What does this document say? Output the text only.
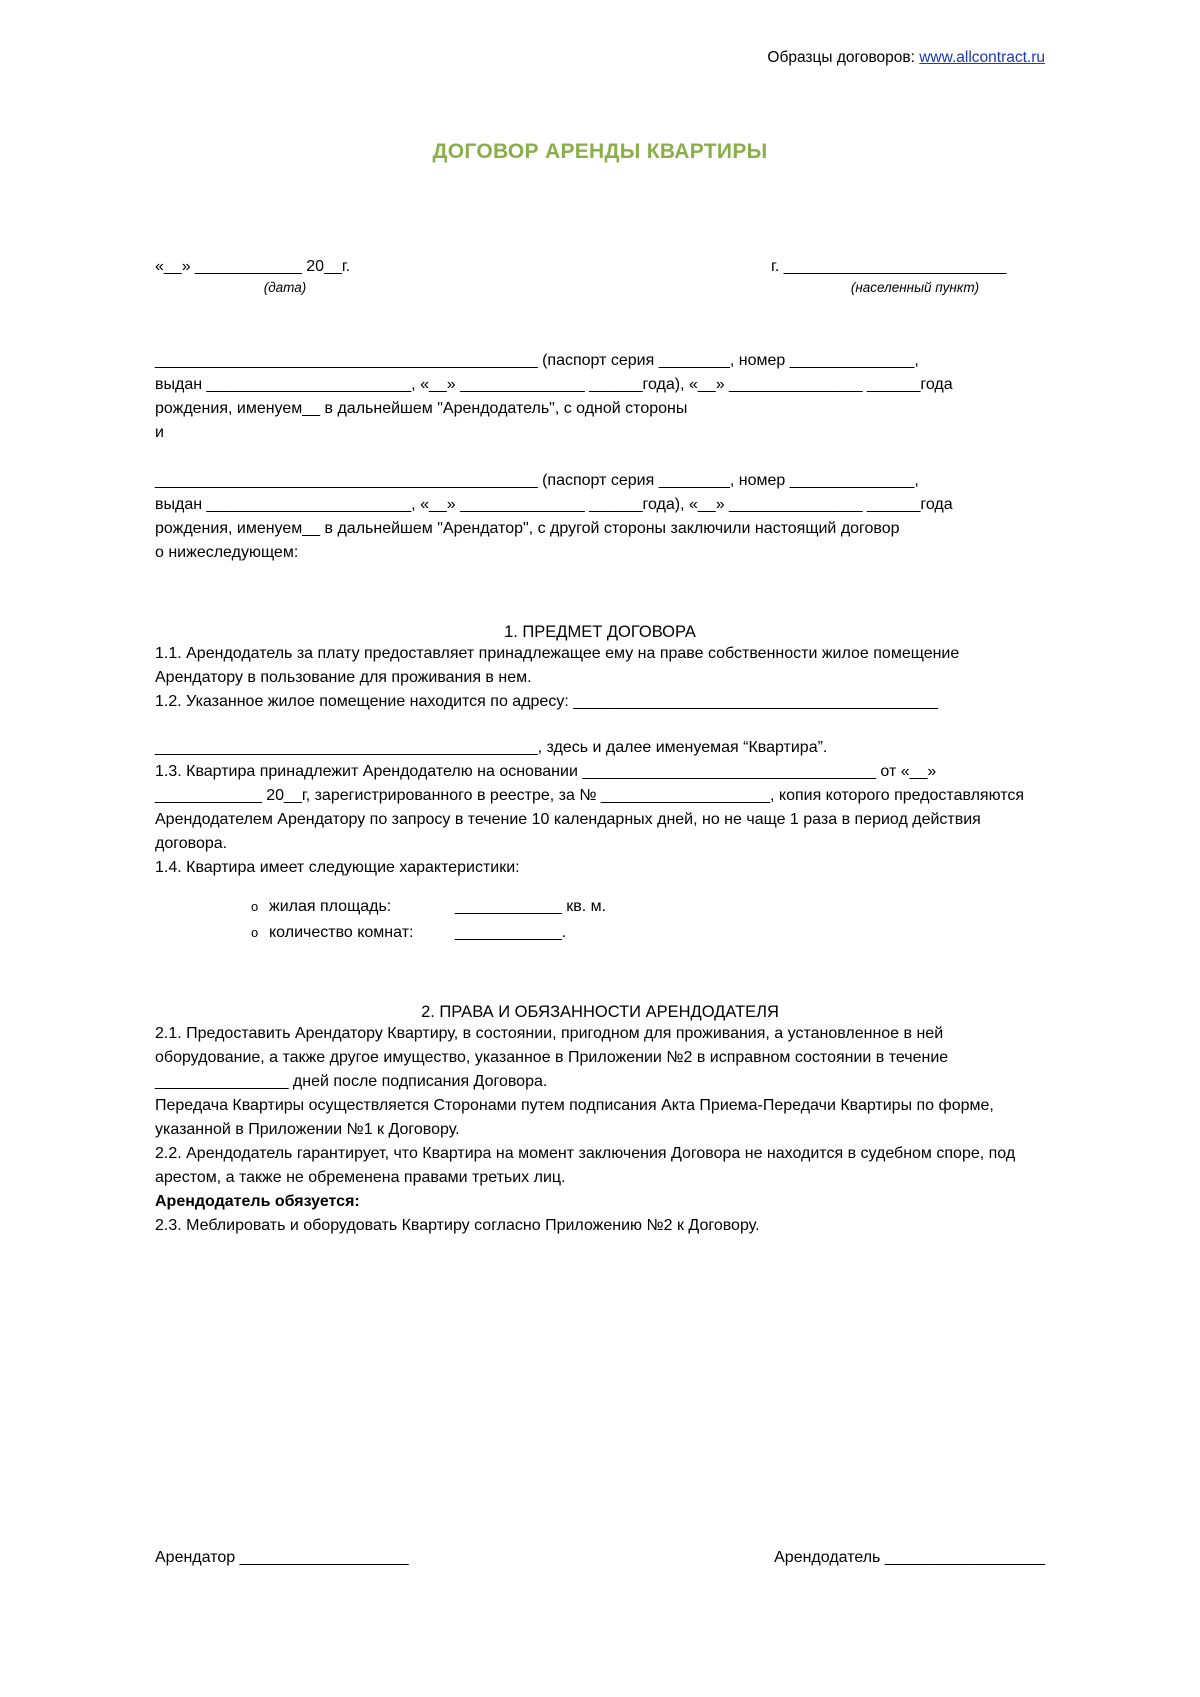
Образцы договоров: www.allcontract.ru
ДОГОВОР АРЕНДЫ КВАРТИРЫ
«__» ____________ 20__г.
(дата)
г. _________________________
(населенный пункт)

___________________________________________ (паспорт серия ________, номер ______________,

выдан _______________________, «__» ______________ ______года), «__» _______________ ______года

рождения, именуем__ в дальнейшем "Арендодатель", с одной стороны

и

___________________________________________ (паспорт серия ________, номер ______________,

выдан _______________________, «__» ______________ ______года), «__» _______________ ______года

рождения, именуем__ в дальнейшем "Арендатор", с другой стороны заключили настоящий договор

о нижеследующем:

1. ПРЕДМЕТ ДОГОВОРА

1.1. Арендодатель за плату предоставляет принадлежащее ему на праве собственности жилое помещение Арендатору в пользование для проживания в нем.

1.2. Указанное жилое помещение находится по адресу: _________________________________________

___________________________________________, здесь и далее именуемая “Квартира”.

1.3. Квартира принадлежит Арендодателю на основании _________________________________ от «__» ____________ 20__г, зарегистрированного в реестре, за № ___________________, копия которого предоставляются Арендодателем Арендатору по запросу в течение 10 календарных дней, но не чаще 1 раза в период действия договора.

1.4. Квартира имеет следующие характеристики:

o жилая площадь:	____________ кв. м.
o количество комнат:	____________.
2. ПРАВА И ОБЯЗАННОСТИ АРЕНДОДАТЕЛЯ

2.1. Предоставить Арендатору Квартиру, в состоянии, пригодном для проживания, а установленное в ней оборудование, а также другое имущество, указанное в Приложении №2 в исправном состоянии в течение _______________ дней после подписания Договора.

Передача Квартиры осуществляется Сторонами путем подписания Акта Приема-Передачи Квартиры по форме, указанной в Приложении №1 к Договору.

2.2. Арендодатель гарантирует, что Квартира на момент заключения Договора не находится в судебном споре, под арестом, а также не обременена правами третьих лиц.

Арендодатель обязуется:

2.3. Меблировать и оборудовать Квартиру согласно Приложению №2 к Договору.

Арендатор ___________________	Арендодатель __________________
